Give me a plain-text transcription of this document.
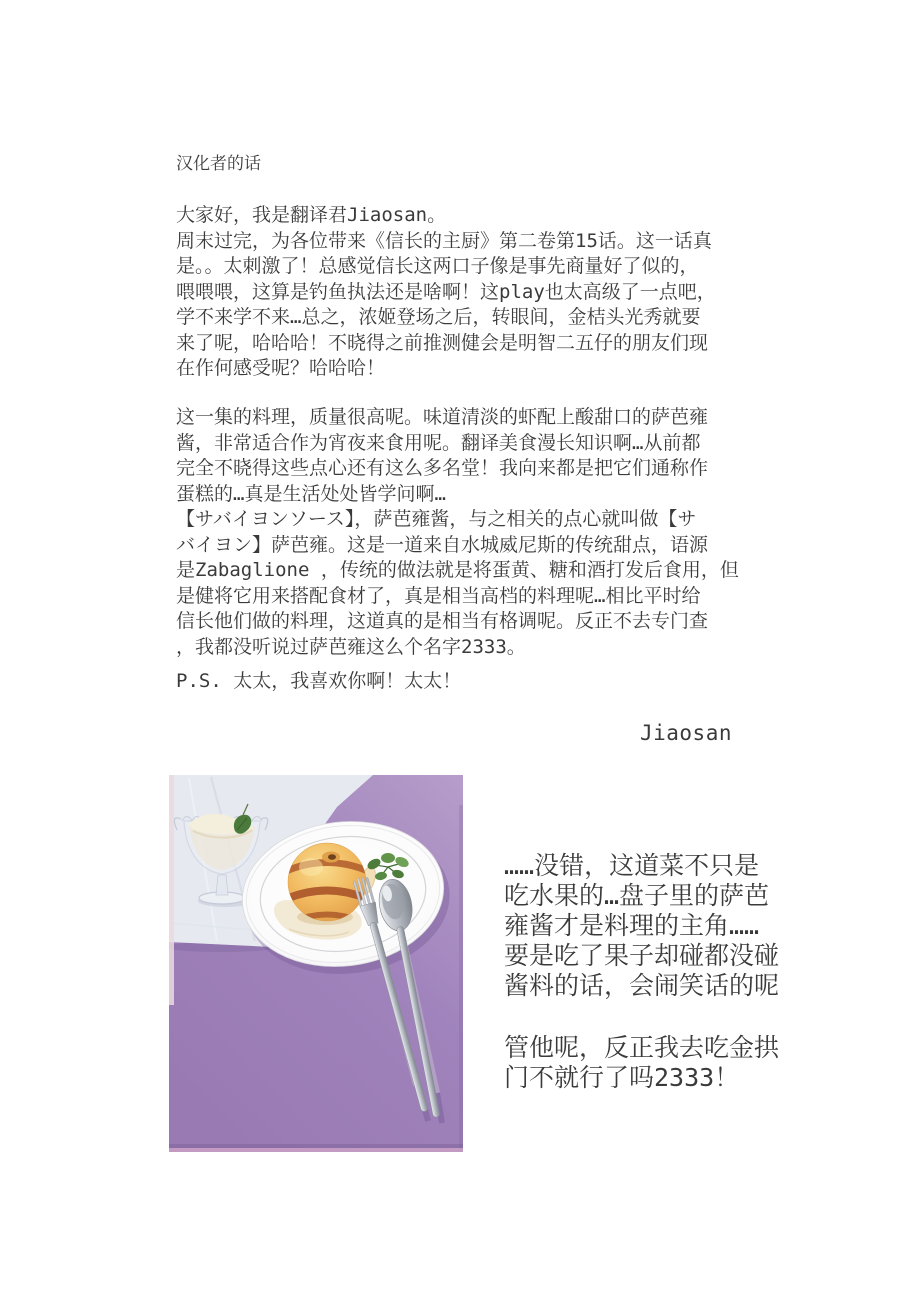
汉化者的话
大家好，我是翻译君Jiaosan。
周末过完，为各位带来《信长的主厨》第二卷第15话。这一话真
是。。太刺激了！总感觉信长这两口子像是事先商量好了似的，
喂喂喂，这算是钓鱼执法还是啥啊！这play也太高级了一点吧，
学不来学不来…总之，浓姬登场之后，转眼间，金桔头光秀就要
来了呢，哈哈哈！不晓得之前推测健会是明智二五仔的朋友们现
在作何感受呢？哈哈哈！
这一集的料理，质量很高呢。味道清淡的虾配上酸甜口的萨芭雍
酱，非常适合作为宵夜来食用呢。翻译美食漫长知识啊…从前都
完全不晓得这些点心还有这么多名堂！我向来都是把它们通称作
蛋糕的…真是生活处处皆学问啊…
【サバイヨンソース】，萨芭雍酱，与之相关的点心就叫做【サ
バイヨン】萨芭雍。这是一道来自水城威尼斯的传统甜点，语源
是Zabaglione ，传统的做法就是将蛋黄、糖和酒打发后食用，但
是健将它用来搭配食材了，真是相当高档的料理呢…相比平时给
信长他们做的料理，这道真的是相当有格调呢。反正不去专门查
，我都没听说过萨芭雍这么个名字2333。
P.S. 太太，我喜欢你啊！太太！
Jiaosan
……没错，这道菜不只是
吃水果的…盘子里的萨芭
雍酱才是料理的主角……
要是吃了果子却碰都没碰
酱料的话，会闹笑话的呢
管他呢，反正我去吃金拱
门不就行了吗2333！
